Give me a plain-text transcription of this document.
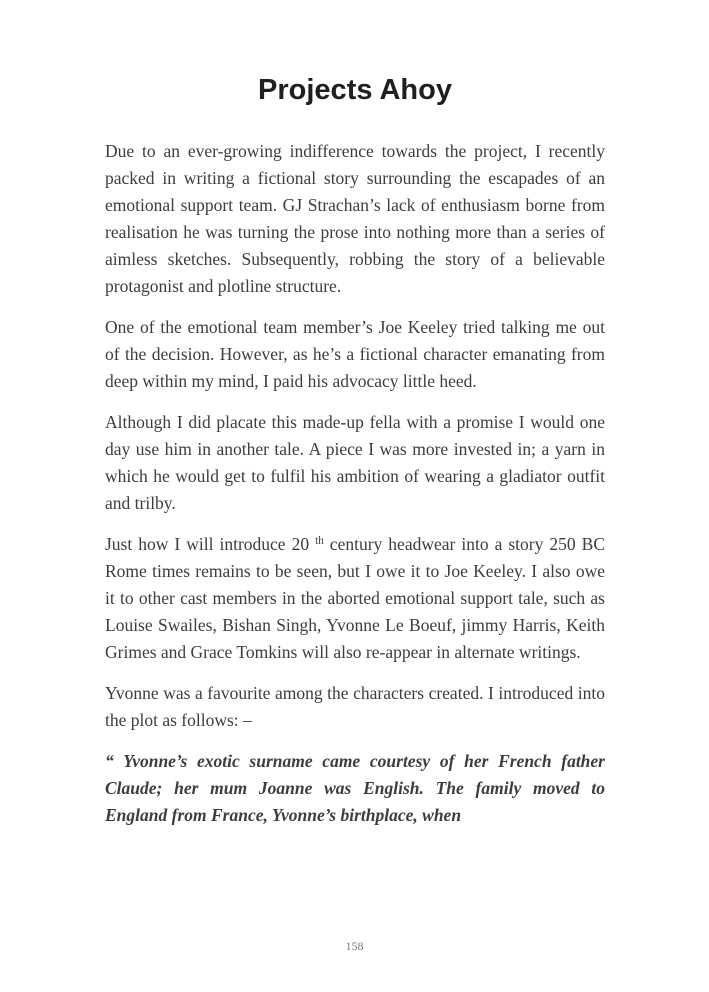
Projects Ahoy

Due to an ever-growing indifference towards the project, I recently packed in writing a fictional story surrounding the escapades of an emotional support team. GJ Strachan’s lack of enthusiasm borne from realisation he was turning the prose into nothing more than a series of aimless sketches. Subsequently, robbing the story of a believable protagonist and plotline structure.

One of the emotional team member’s Joe Keeley tried talking me out of the decision. However, as he’s a fictional character emanating from deep within my mind, I paid his advocacy little heed.

Although I did placate this made-up fella with a promise I would one day use him in another tale. A piece I was more invested in; a yarn in which he would get to fulfil his ambition of wearing a gladiator outfit and trilby.

Just how I will introduce 20 $^{th}$ century headwear into a story 250 BC Rome times remains to be seen, but I owe it to Joe Keeley. I also owe it to other cast members in the aborted emotional support tale, such as Louise Swailes, Bishan Singh, Yvonne Le Boeuf, jimmy Harris, Keith Grimes and Grace Tomkins will also re-appear in alternate writings.

Yvonne was a favourite among the characters created. I introduced into the plot as follows: –

“ Yvonne’s exotic surname came courtesy of her French father Claude; her mum Joanne was English. The family moved to England from France, Yvonne’s birthplace, when

158
